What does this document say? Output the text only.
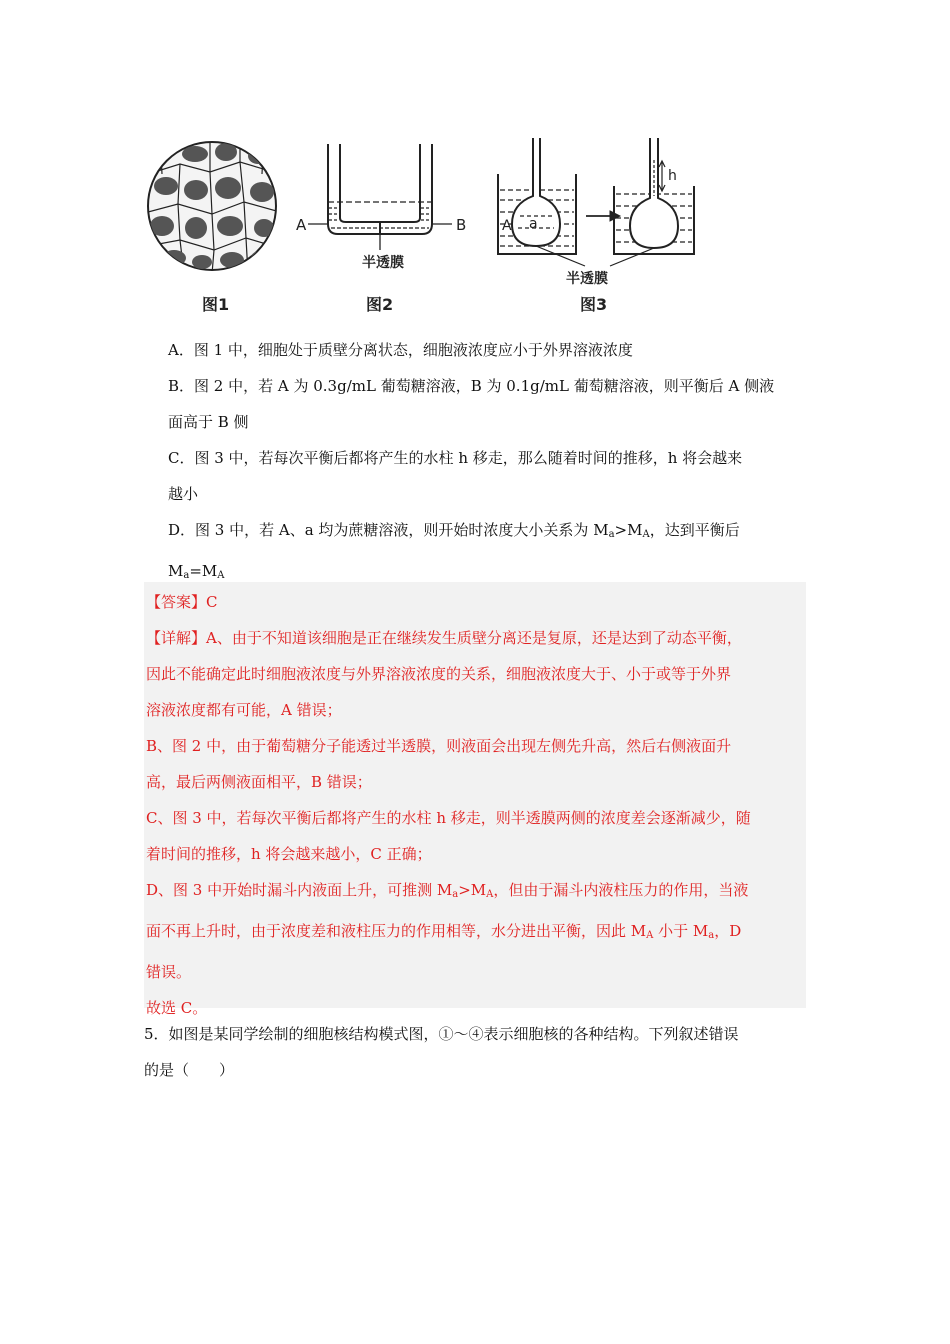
A	B
半透膜
A a
h
半透膜
图1	图2	图3

A．图 1 中，细胞处于质壁分离状态，细胞液浓度应小于外界溶液浓度

B．图 2 中，若 A 为 0.3g/mL 葡萄糖溶液，B 为 0.1g/mL 葡萄糖溶液，则平衡后 A 侧液

面高于 B 侧

C．图 3 中，若每次平衡后都将产生的水柱 h 移走，那么随着时间的推移，h 将会越来

越小

D．图 3 中，若 A、a 均为蔗糖溶液，则开始时浓度大小关系为 $M_a>M_A$，达到平衡后

$M_a=M_A$

【答案】C

【详解】A、由于不知道该细胞是正在继续发生质壁分离还是复原，还是达到了动态平衡，

因此不能确定此时细胞液浓度与外界溶液浓度的关系，细胞液浓度大于、小于或等于外界

溶液浓度都有可能，A 错误；

B、图 2 中，由于葡萄糖分子能透过半透膜，则液面会出现左侧先升高，然后右侧液面升

高，最后两侧液面相平，B 错误；

C、图 3 中，若每次平衡后都将产生的水柱 h 移走，则半透膜两侧的浓度差会逐渐减少，随

着时间的推移，h 将会越来越小，C 正确；

D、图 3 中开始时漏斗内液面上升，可推测 $M_a>M_A$，但由于漏斗内液柱压力的作用，当液

面不再上升时，由于浓度差和液柱压力的作用相等，水分进出平衡，因此 $M_A$ 小于 $M_a$，D

错误。

故选 C。

5．如图是某同学绘制的细胞核结构模式图，①～④表示细胞核的各种结构。下列叙述错误

的是（　　）
